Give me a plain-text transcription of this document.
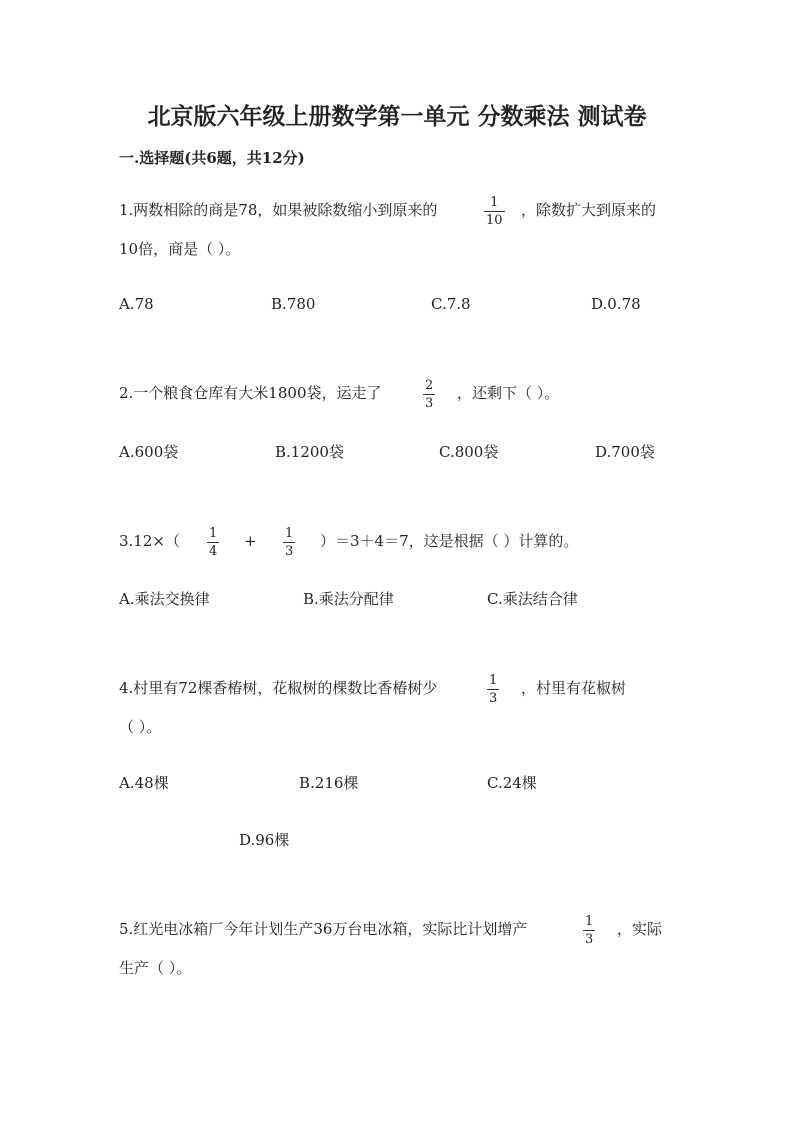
北京版六年级上册数学第一单元 分数乘法 测试卷
一.选择题(共6题，共12分)
1.两数相除的商是78，如果被除数缩小到原来的	1
10
，除数扩大到原来的
10倍，商是（ ）。
A.78	B.780	C.7.8	D.0.78
2.一个粮食仓库有大米1800袋，运走了	2
3
，还剩下（ ）。
A.600袋	B.1200袋	C.800袋	D.700袋
3.12×（ 1
4
+ 1
3
）＝3＋4＝7，这是根据（ ）计算的。
A.乘法交换律	B.乘法分配律	C.乘法结合律
4.村里有72棵香椿树，花椒树的棵数比香椿树少	1
3
，村里有花椒树
（ ）。
A.48棵	B.216棵	C.24棵
D.96棵
5.红光电冰箱厂今年计划生产36万台电冰箱，实际比计划增产	1
3
，实际
生产（ ）。
